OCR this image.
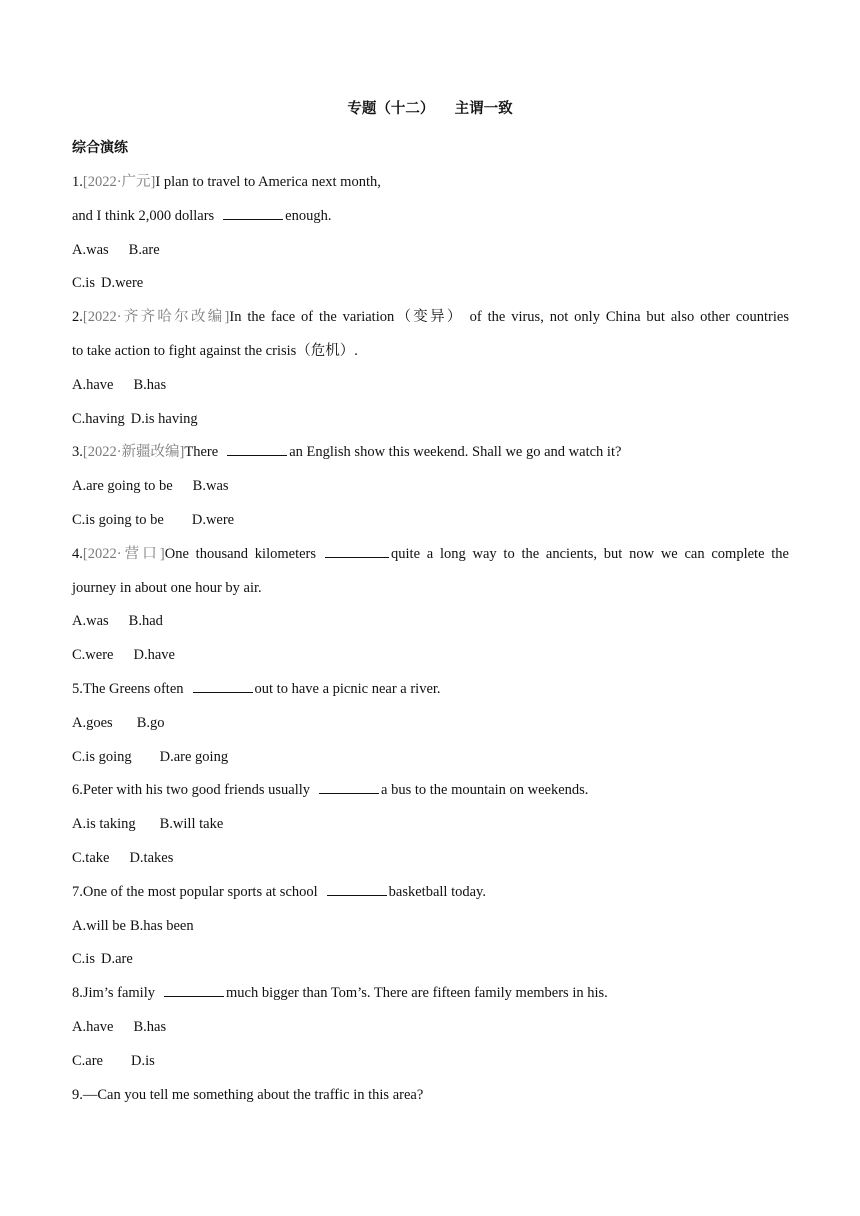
专题（十二）    主谓一致
综合演练
1.[2022·广元]I plan to travel to America next month,
and I think 2,000 dollars	enough.
A.was B.are
C.is D.were
2.[2022·齐齐哈尔改编]In the face of the variation（变异） of the virus, not only China but also other countries
to take action to fight against the crisis（危机）.
A.have B.has
C.having D.is having
3.[2022·新疆改编]There	an English show this weekend. Shall we go and watch it?
A.are going to be B.was
C.is going to be D.were
4.[2022·营口]One thousand kilometers	quite a long way to the ancients, but now we can complete the
journey in about one hour by air.
A.was B.had
C.were D.have
5.The Greens often	out to have a picnic near a river.
A.goes B.go
C.is going D.are going
6.Peter with his two good friends usually	a bus to the mountain on weekends.
A.is taking B.will take
C.take D.takes
7.One of the most popular sports at school	basketball today.
A.will be B.has been
C.is D.are
8.Jim’s family	much bigger than Tom’s. There are fifteen family members in his.
A.have B.has
C.are D.is
9.—Can you tell me something about the traffic in this area?
